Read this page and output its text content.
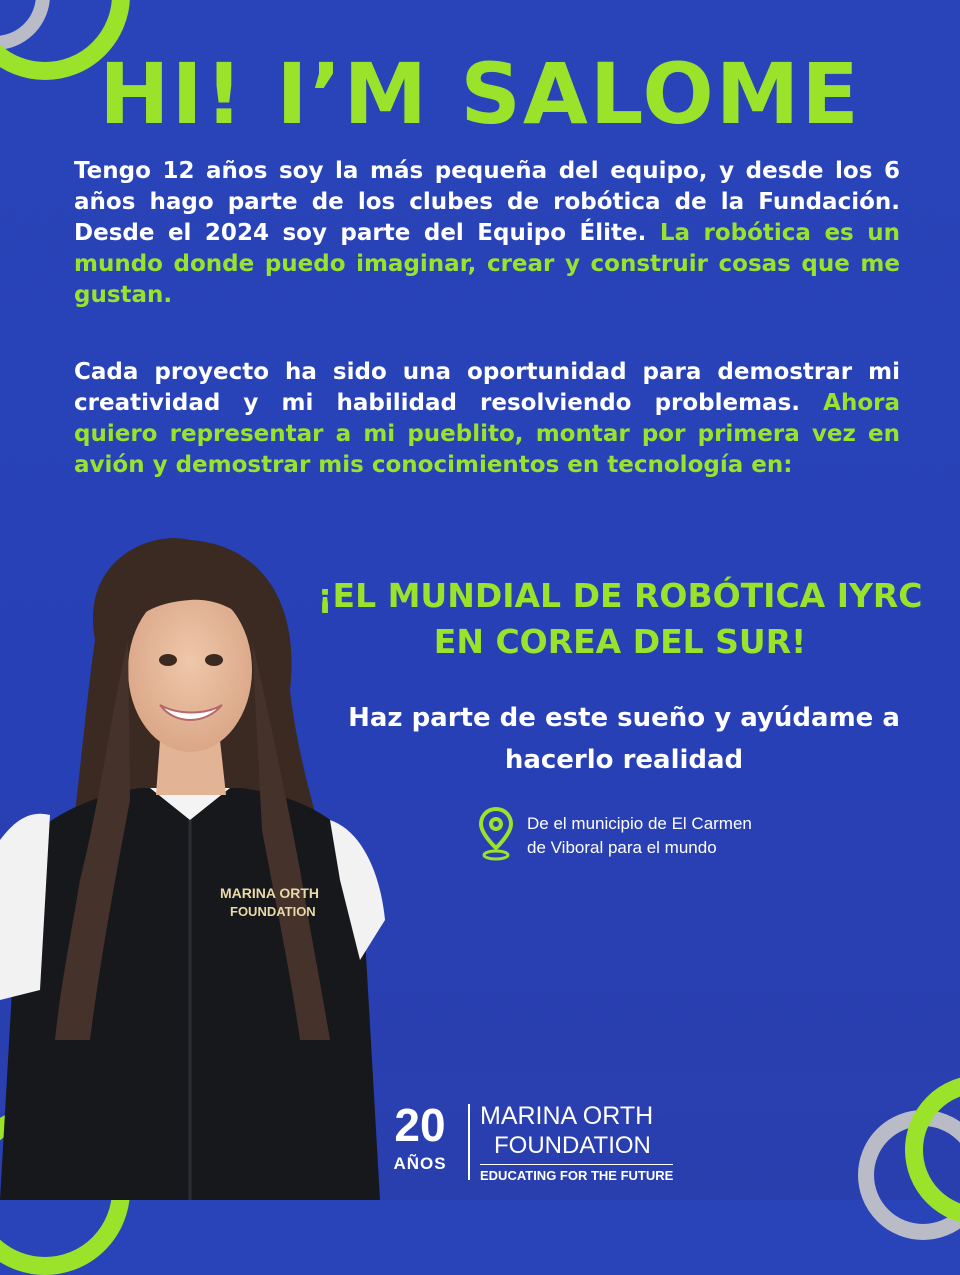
HI! I’M SALOME

Tengo 12 años soy la más pequeña del equipo, y desde los 6 años hago parte de los clubes de robótica de la Fundación. Desde el 2024 soy parte del Equipo Élite. La robótica es un mundo donde puedo imaginar, crear y construir cosas que me gustan.

Cada proyecto ha sido una oportunidad para demostrar mi creatividad y mi habilidad resolviendo problemas. Ahora quiero representar a mi pueblito, montar por primera vez en avión y demostrar mis conocimientos en tecnología en:

MARINA ORTH
FOUNDATION
¡EL MUNDIAL DE ROBÓTICA IYRC
EN COREA DEL SUR!
Haz parte de este sueño y ayúdame a
hacerlo realidad
De el municipio de El Carmen
de Viboral para el mundo
20
AÑOS
MARINA ORTH
FOUNDATION
EDUCATING FOR THE FUTURE
